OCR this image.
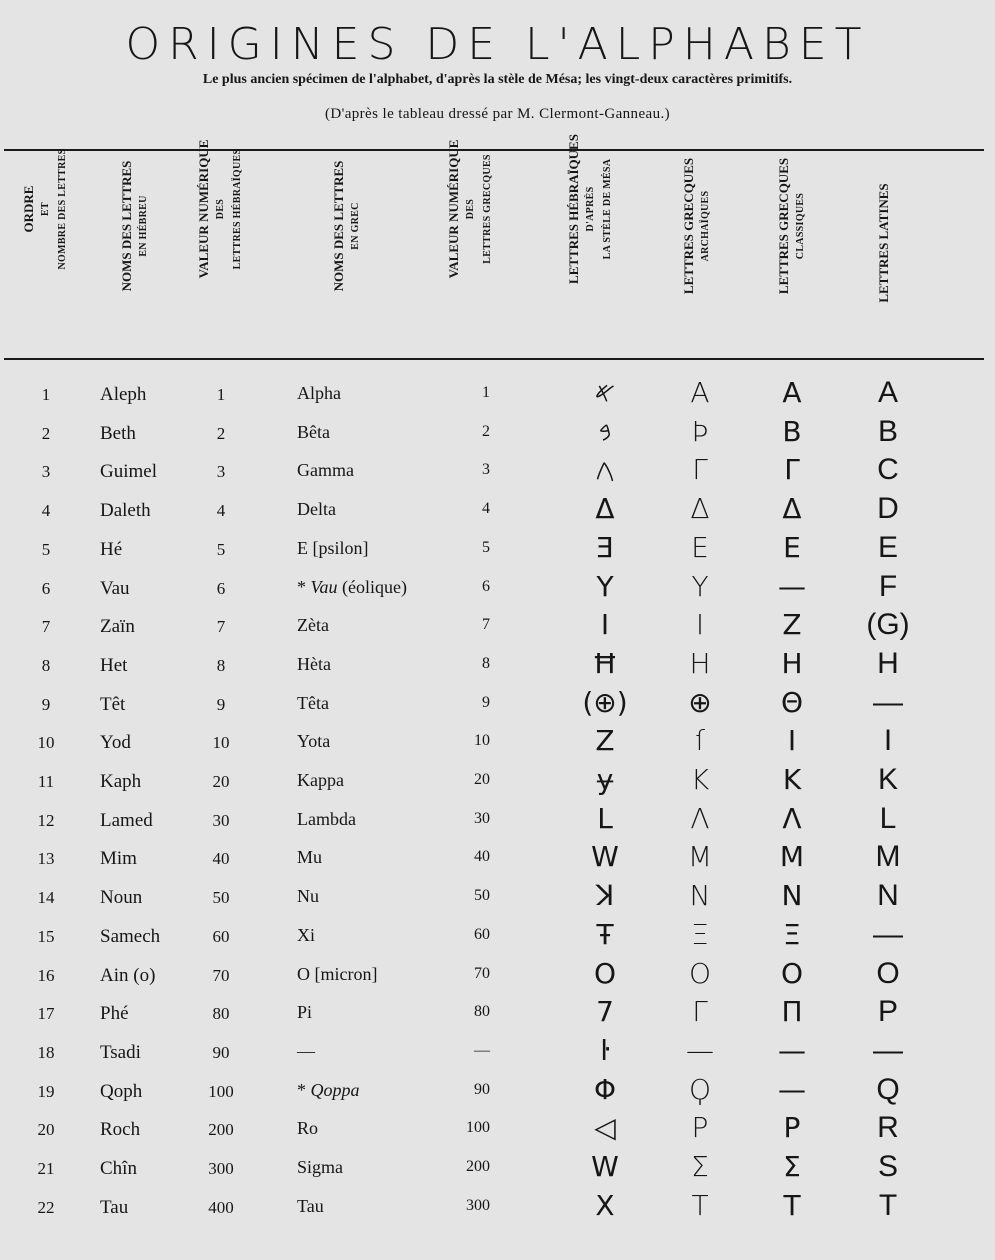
ORIGINES DE L'ALPHABET
Le plus ancien spécimen de l'alphabet, d'après la stèle de Mésa; les vingt-deux caractères primitifs.
(D'après le tableau dressé par M. Clermont-Ganneau.)
ORDRE ET NOMBRE DES LETTRES	NOMS DES LETTRES EN HÉBREU	VALEUR NUMÉRIQUE DES LETTRES HÉBRAÏQUES	NOMS DES LETTRES EN GREC	VALEUR NUMÉRIQUE DES LETTRES GRECQUES	LETTRES HÉBRAÏQUES D'APRÈS LA STÈLE DE MÉSA	LETTRES GRECQUES ARCHAÏQUES	LETTRES GRECQUES CLASSIQUES	LETTRES LATINES
1	Aleph	1	Alpha	1	𐤀	A	Α	A
2	Beth	2	Bêta	2	𐤁	Ϸ	Β	B
3	Guimel	3	Gamma	3	𐤂	Γ	Γ	C
4	Daleth	4	Delta	4	Δ	Δ	Δ	D
5	Hé	5	E [psilon]	5	Ǝ	E	Ε	E
6	Vau	6	* Vau (éolique)	6	Y	Y	—	F
7	Zaïn	7	Zèta	7	I	I	Ζ	(G)
8	Het	8	Hèta	8	Ħ	H	Η	H
9	Têt	9	Têta	9	(⊕)	⊕	Θ	—
10	Yod	10	Yota	10	Z	ſ	Ι	I
11	Kaph	20	Kappa	20	ɏ	K	Κ	K
12	Lamed	30	Lambda	30	L	Λ	Λ	L
13	Mim	40	Mu	40	W	M	Μ	M
14	Noun	50	Nu	50	ꓘ	N	Ν	N
15	Samech	60	Xi	60	Ŧ	Ξ	Ξ	—
16	Ain (o)	70	O [micron]	70	O	O	Ο	O
17	Phé	80	Pi	80	7	Γ	Π	P
18	Tsadi	90	—	—	ŀ	—	—	—
19	Qoph	100	* Qoppa	90	Φ	Ϙ	—	Q
20	Roch	200	Ro	100	◁	P	Ρ	R
21	Chîn	300	Sigma	200	W	Σ	Σ	S
22	Tau	400	Tau	300	X	T	Τ	T
